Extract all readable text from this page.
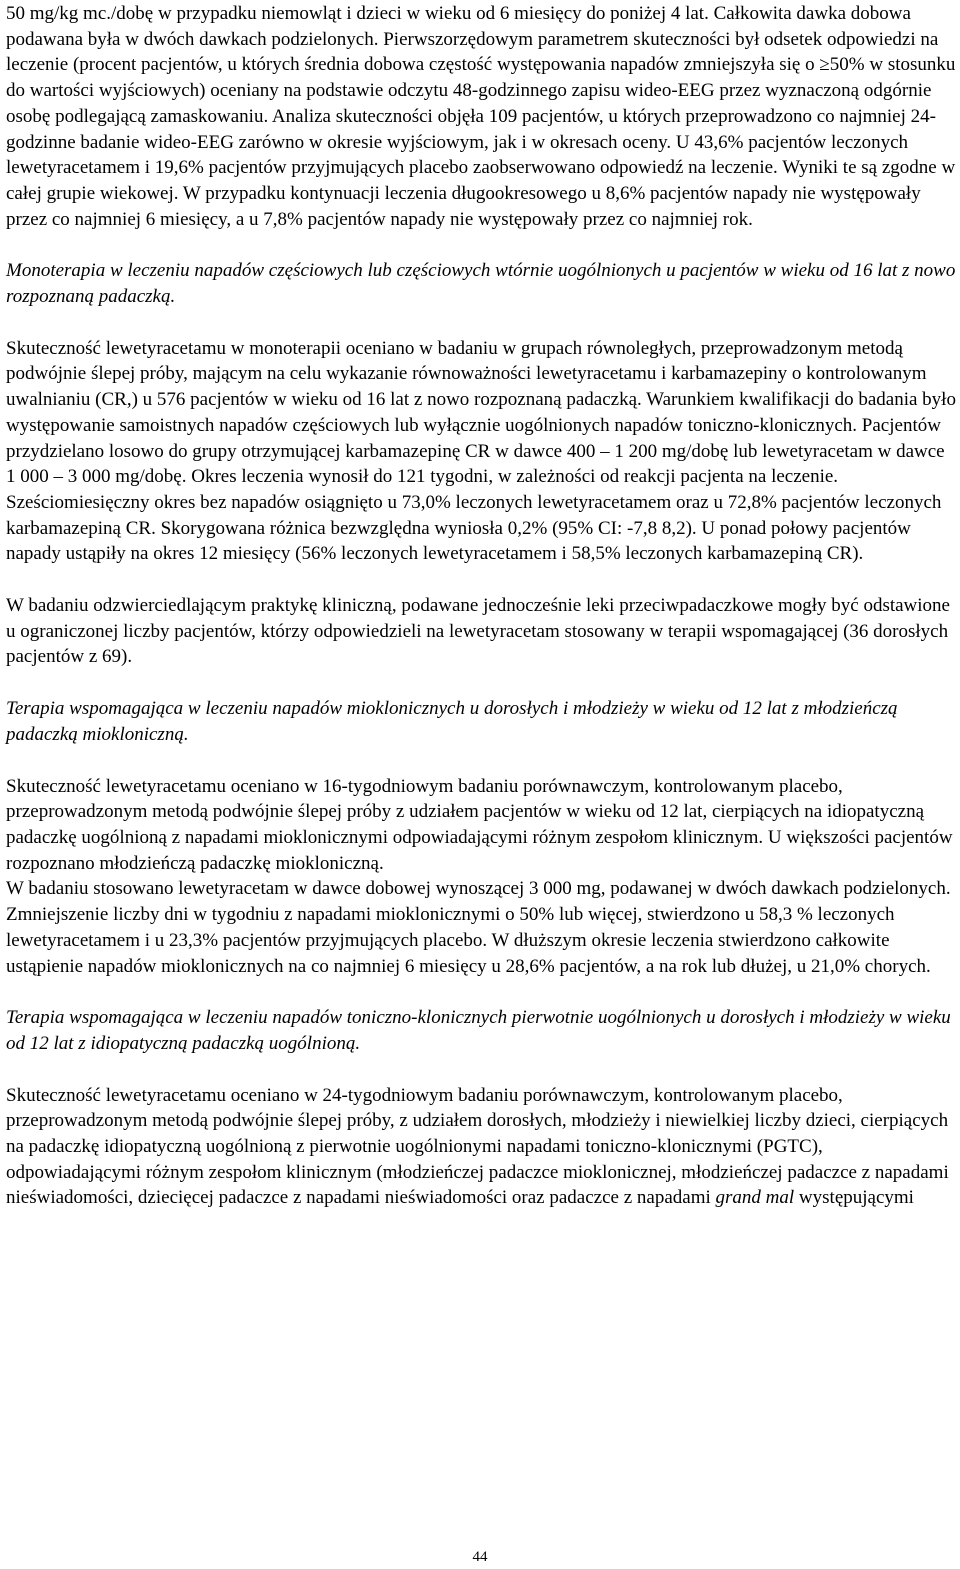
50 mg/kg mc./dobę w przypadku niemowląt i dzieci w wieku od 6 miesięcy do poniżej 4 lat. Całkowita dawka dobowa podawana była w dwóch dawkach podzielonych. Pierwszorzędowym parametrem skuteczności był odsetek odpowiedzi na leczenie (procent pacjentów, u których średnia dobowa częstość występowania napadów zmniejszyła się o ≥50% w stosunku do wartości wyjściowych) oceniany na podstawie odczytu 48-godzinnego zapisu wideo-EEG przez wyznaczoną odgórnie osobę podlegającą zamaskowaniu. Analiza skuteczności objęła 109 pacjentów, u których przeprowadzono co najmniej 24-godzinne badanie wideo-EEG zarówno w okresie wyjściowym, jak i w okresach oceny. U 43,6% pacjentów leczonych lewetyracetamem i 19,6% pacjentów przyjmujących placebo zaobserwowano odpowiedź na leczenie. Wyniki te są zgodne w całej grupie wiekowej. W przypadku kontynuacji leczenia długookresowego u 8,6% pacjentów napady nie występowały przez co najmniej 6 miesięcy, a u 7,8% pacjentów napady nie występowały przez co najmniej rok.

Monoterapia w leczeniu napadów częściowych lub częściowych wtórnie uogólnionych u pacjentów w wieku od 16 lat z nowo rozpoznaną padaczką.

Skuteczność lewetyracetamu w monoterapii oceniano w badaniu w grupach równoległych, przeprowadzonym metodą podwójnie ślepej próby, mającym na celu wykazanie równoważności lewetyracetamu i karbamazepiny o kontrolowanym uwalnianiu (CR,) u 576 pacjentów w wieku od 16 lat z nowo rozpoznaną padaczką. Warunkiem kwalifikacji do badania było występowanie samoistnych napadów częściowych lub wyłącznie uogólnionych napadów toniczno-klonicznych. Pacjentów przydzielano losowo do grupy otrzymującej karbamazepinę CR w dawce 400 – 1 200 mg/dobę lub lewetyracetam w dawce 1 000 – 3 000 mg/dobę. Okres leczenia wynosił do 121 tygodni, w zależności od reakcji pacjenta na leczenie. Sześciomiesięczny okres bez napadów osiągnięto u 73,0% leczonych lewetyracetamem oraz u 72,8% pacjentów leczonych karbamazepiną CR. Skorygowana różnica bezwzględna wyniosła 0,2% (95% CI: -7,8 8,2). U ponad połowy pacjentów napady ustąpiły na okres 12 miesięcy (56% leczonych lewetyracetamem i 58,5% leczonych karbamazepiną CR).

W badaniu odzwierciedlającym praktykę kliniczną, podawane jednocześnie leki przeciwpadaczkowe mogły być odstawione u ograniczonej liczby pacjentów, którzy odpowiedzieli na lewetyracetam stosowany w terapii wspomagającej (36 dorosłych pacjentów z 69).

Terapia wspomagająca w leczeniu napadów mioklonicznych u dorosłych i młodzieży w wieku od 12 lat z młodzieńczą padaczką miokloniczną.

Skuteczność lewetyracetamu oceniano w 16-tygodniowym badaniu porównawczym, kontrolowanym placebo, przeprowadzonym metodą podwójnie ślepej próby z udziałem pacjentów w wieku od 12 lat, cierpiących na idiopatyczną padaczkę uogólnioną z napadami mioklonicznymi odpowiadającymi różnym zespołom klinicznym. U większości pacjentów rozpoznano młodzieńczą padaczkę miokloniczną.

W badaniu stosowano lewetyracetam w dawce dobowej wynoszącej 3 000 mg, podawanej w dwóch dawkach podzielonych.

Zmniejszenie liczby dni w tygodniu z napadami mioklonicznymi o 50% lub więcej, stwierdzono u 58,3 % leczonych lewetyracetamem i u 23,3% pacjentów przyjmujących placebo. W dłuższym okresie leczenia stwierdzono całkowite ustąpienie napadów mioklonicznych na co najmniej 6 miesięcy u 28,6% pacjentów, a na rok lub dłużej, u 21,0% chorych.

Terapia wspomagająca w leczeniu napadów toniczno-klonicznych pierwotnie uogólnionych u dorosłych i młodzieży w wieku od 12 lat z idiopatyczną padaczką uogólnioną.

Skuteczność lewetyracetamu oceniano w 24-tygodniowym badaniu porównawczym, kontrolowanym placebo, przeprowadzonym metodą podwójnie ślepej próby, z udziałem dorosłych, młodzieży i niewielkiej liczby dzieci, cierpiących na padaczkę idiopatyczną uogólnioną z pierwotnie uogólnionymi napadami toniczno-klonicznymi (PGTC), odpowiadającymi różnym zespołom klinicznym (młodzieńczej padaczce mioklonicznej, młodzieńczej padaczce z napadami nieświadomości, dziecięcej padaczce z napadami nieświadomości oraz padaczce z napadami grand mal występującymi

44
